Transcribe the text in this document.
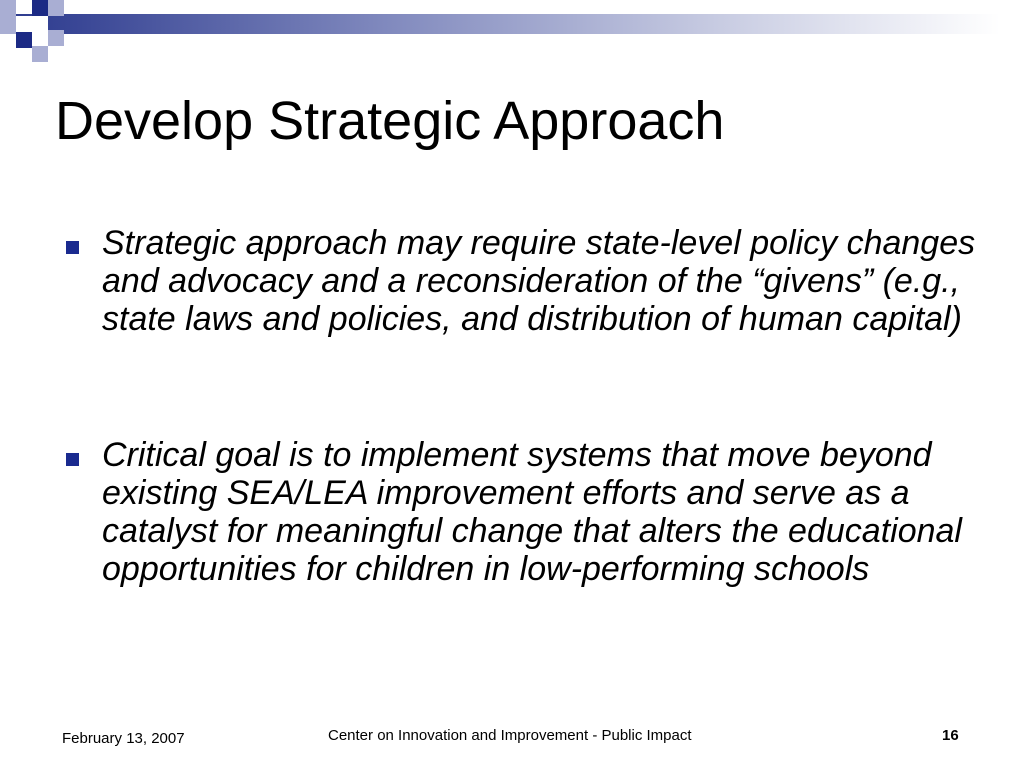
Develop Strategic Approach
Strategic approach may require state-level policy changes and advocacy and a reconsideration of the “givens” (e.g., state laws and policies, and distribution of human capital)
Critical goal is to implement systems that move beyond existing SEA/LEA improvement efforts and serve as a catalyst for meaningful change that alters the educational opportunities for children in low-performing schools
February 13, 2007	Center on Innovation and Improvement - Public Impact	16
